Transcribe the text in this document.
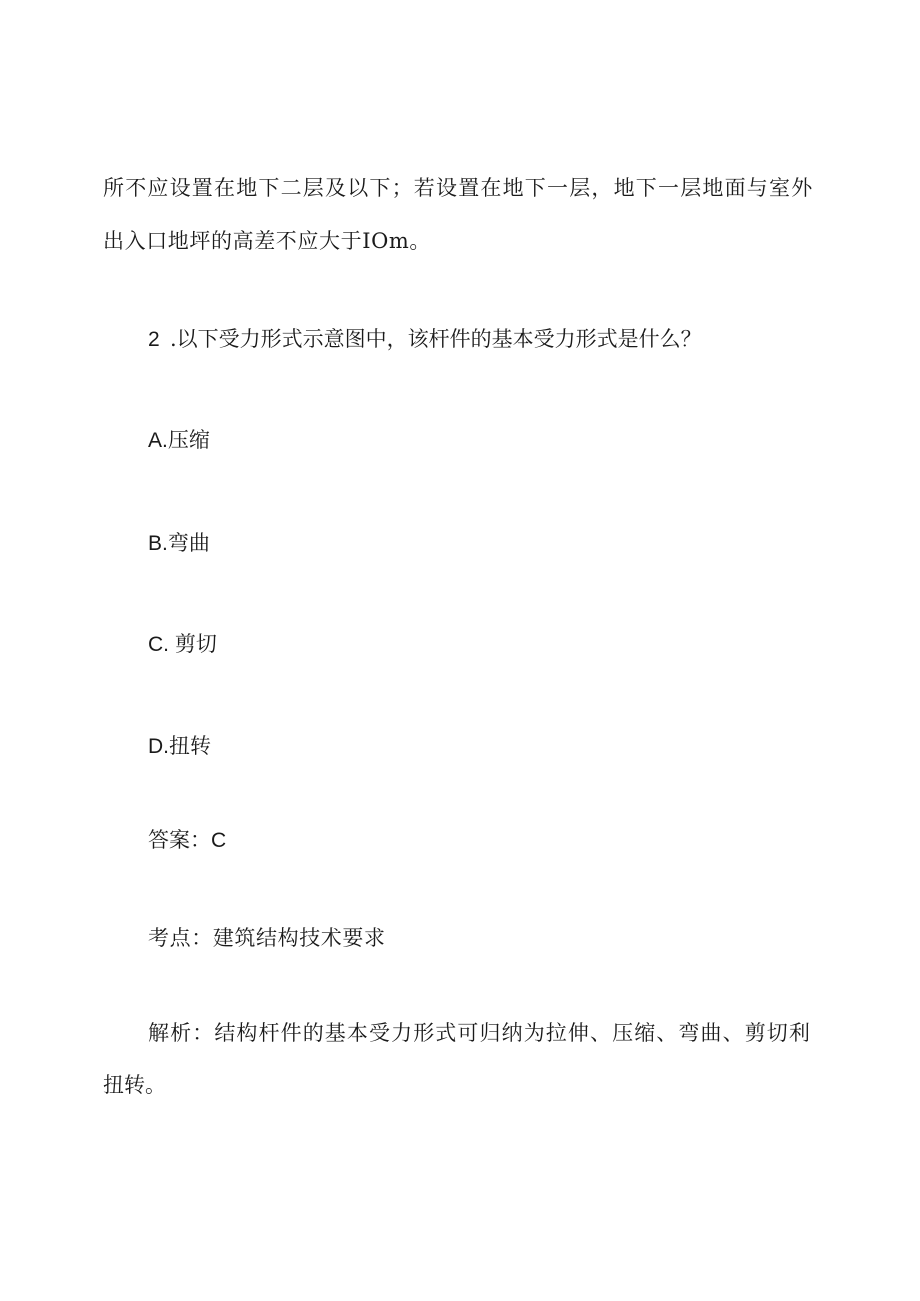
所不应设置在地下二层及以下；若设置在地下一层，地下一层地面与室外

出入口地坪的高差不应大于IOm。

2 .以下受力形式示意图中，该杆件的基本受力形式是什么？

A.压缩

B.弯曲

C. 剪切

D.扭转

答案：C

考点：建筑结构技术要求

解析：结构杆件的基本受力形式可归纳为拉伸、压缩、弯曲、剪切利

扭转。
